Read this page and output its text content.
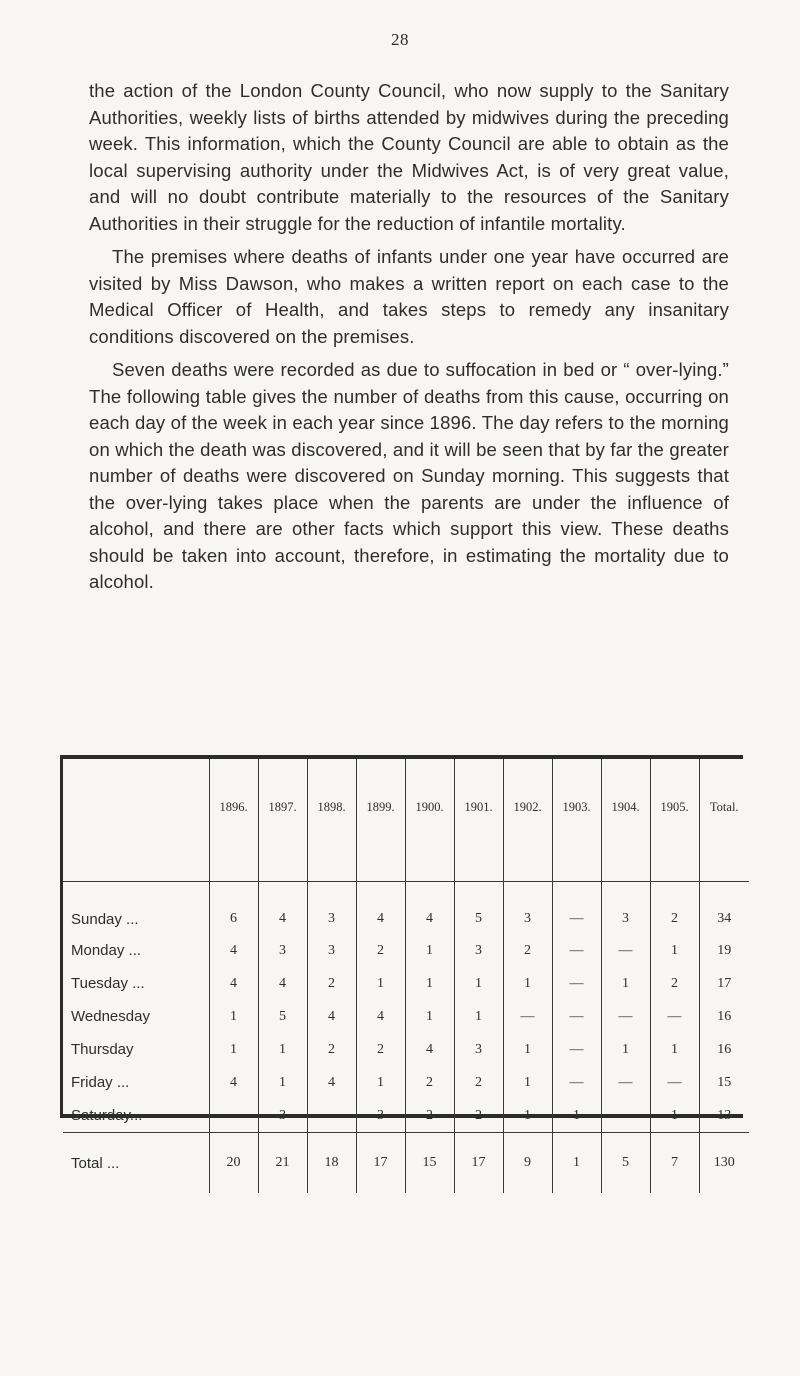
28

the action of the London County Council, who now supply to the Sanitary Authorities, weekly lists of births attended by midwives during the preceding week. This information, which the County Council are able to obtain as the local supervising authority under the Midwives Act, is of very great value, and will no doubt contribute materially to the resources of the Sanitary Authorities in their struggle for the reduction of infantile mortality.

The premises where deaths of infants under one year have occurred are visited by Miss Dawson, who makes a written report on each case to the Medical Officer of Health, and takes steps to remedy any insanitary conditions discovered on the premises.

Seven deaths were recorded as due to suffocation in bed or “ over-lying.” The following table gives the number of deaths from this cause, occurring on each day of the week in each year since 1896. The day refers to the morning on which the death was discovered, and it will be seen that by far the greater number of deaths were discovered on Sunday morning. This suggests that the over-lying takes place when the parents are under the influence of alcohol, and there are other facts which support this view. These deaths should be taken into account, therefore, in estimating the mortality due to alcohol.

	1896.	1897.	1898.	1899.	1900.	1901.	1902.	1903.	1904.	1905.	Total.
Sunday ...	6	4	3	4	4	5	3	—	3	2	34
Monday ...	4	3	3	2	1	3	2	—	—	1	19
Tuesday ...	4	4	2	1	1	1	1	—	1	2	17
Wednesday	1	5	4	4	1	1	—	—	—	—	16
Thursday	1	1	2	2	4	3	1	—	1	1	16
Friday ...	4	1	4	1	2	2	1	—	—	—	15
Saturday...	—	3	—	3	2	2	1	1	—	1	13
Total ...	20	21	18	17	15	17	9	1	5	7	130
